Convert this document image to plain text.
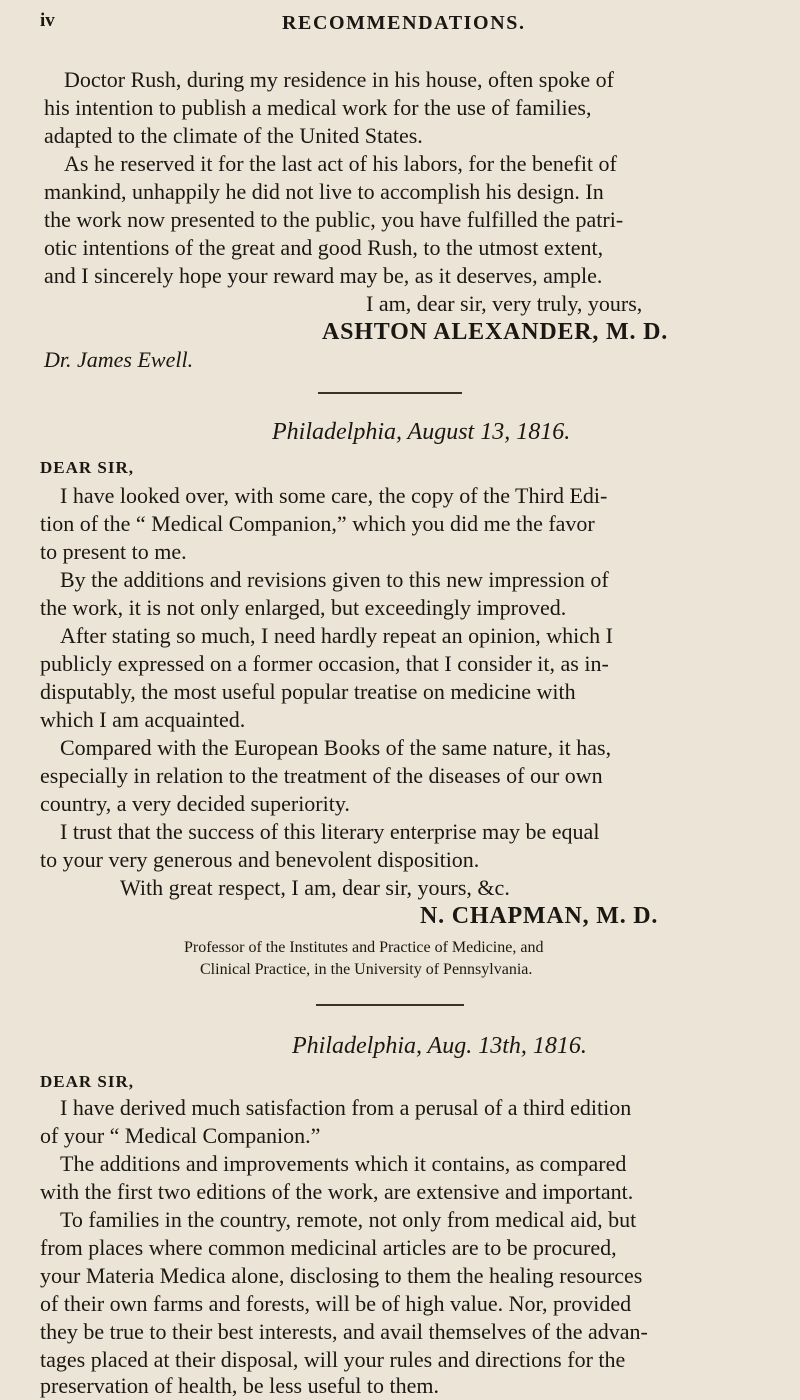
iv	RECOMMENDATIONS.
Doctor Rush, during my residence in his house, often spoke of
his intention to publish a medical work for the use of families,
adapted to the climate of the United States.
As he reserved it for the last act of his labors, for the benefit of
mankind, unhappily he did not live to accomplish his design. In
the work now presented to the public, you have fulfilled the patri-
otic intentions of the great and good Rush, to the utmost extent,
and I sincerely hope your reward may be, as it deserves, ample.
I am, dear sir, very truly, yours,
ASHTON ALEXANDER, M. D.
Dr. James Ewell.
Philadelphia, August 13, 1816.
DEAR SIR,
I have looked over, with some care, the copy of the Third Edi-
tion of the “ Medical Companion,” which you did me the favor
to present to me.
By the additions and revisions given to this new impression of
the work, it is not only enlarged, but exceedingly improved.
After stating so much, I need hardly repeat an opinion, which I
publicly expressed on a former occasion, that I consider it, as in-
disputably, the most useful popular treatise on medicine with
which I am acquainted.
Compared with the European Books of the same nature, it has,
especially in relation to the treatment of the diseases of our own
country, a very decided superiority.
I trust that the success of this literary enterprise may be equal
to your very generous and benevolent disposition.
With great respect, I am, dear sir, yours, &c.
N. CHAPMAN, M. D.
Professor of the Institutes and Practice of Medicine, and
Clinical Practice, in the University of Pennsylvania.
Philadelphia, Aug. 13th, 1816.
DEAR SIR,
I have derived much satisfaction from a perusal of a third edition
of your “ Medical Companion.”
The additions and improvements which it contains, as compared
with the first two editions of the work, are extensive and important.
To families in the country, remote, not only from medical aid, but
from places where common medicinal articles are to be procured,
your Materia Medica alone, disclosing to them the healing resources
of their own farms and forests, will be of high value. Nor, provided
they be true to their best interests, and avail themselves of the advan-
tages placed at their disposal, will your rules and directions for the
preservation of health, be less useful to them.
